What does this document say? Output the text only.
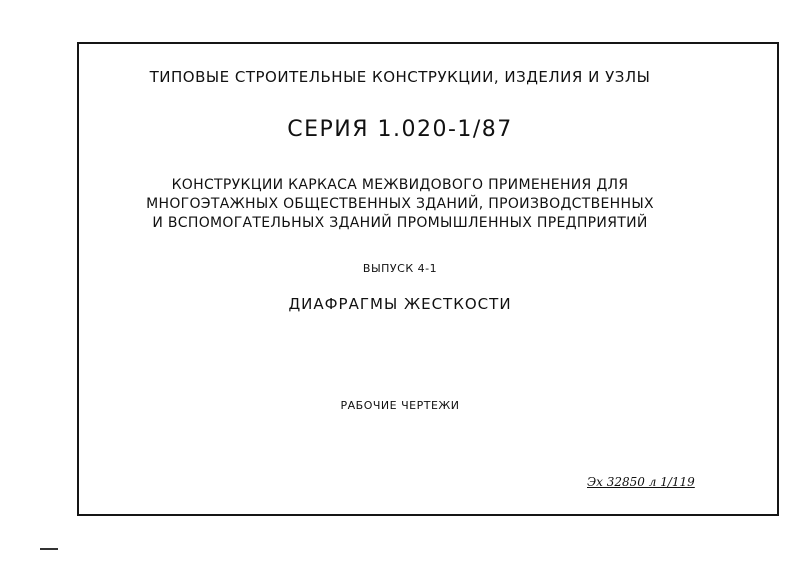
ТИПОВЫЕ СТРОИТЕЛЬНЫЕ КОНСТРУКЦИИ, ИЗДЕЛИЯ И УЗЛЫ
СЕРИЯ 1.020-1/87
КОНСТРУКЦИИ КАРКАСА МЕЖВИДОВОГО ПРИМЕНЕНИЯ ДЛЯ
МНОГОЭТАЖНЫХ ОБЩЕСТВЕННЫХ ЗДАНИЙ, ПРОИЗВОДСТВЕННЫХ
И ВСПОМОГАТЕЛЬНЫХ ЗДАНИЙ ПРОМЫШЛЕННЫХ ПРЕДПРИЯТИЙ
ВЫПУСК 4-1
ДИАФРАГМЫ ЖЕСТКОСТИ
РАБОЧИЕ ЧЕРТЕЖИ
Эх 32850 л 1/119
